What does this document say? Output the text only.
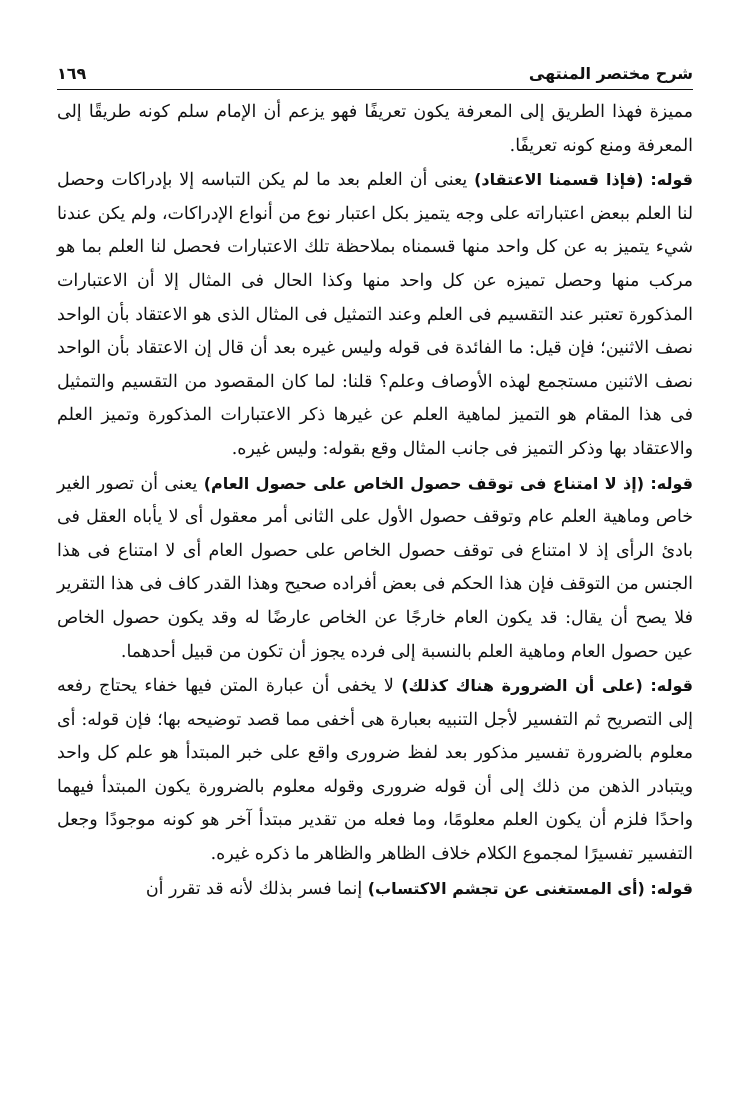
شرح مختصر المنتهى
١٦٩

مميزة فهذا الطريق إلى المعرفة يكون تعريفًا فهو يزعم أن الإمام سلم كونه طريقًا إلى المعرفة ومنع كونه تعريفًا.

قوله: (فإذا قسمنا الاعتقاد) يعنى أن العلم بعد ما لم يكن التباسه إلا بإدراكات وحصل لنا العلم ببعض اعتباراته على وجه يتميز بكل اعتبار نوع من أنواع الإدراكات، ولم يكن عندنا شيء يتميز به عن كل واحد منها قسمناه بملاحظة تلك الاعتبارات فحصل لنا العلم بما هو مركب منها وحصل تميزه عن كل واحد منها وكذا الحال فى المثال إلا أن الاعتبارات المذكورة تعتبر عند التقسيم فى العلم وعند التمثيل فى المثال الذى هو الاعتقاد بأن الواحد نصف الاثنين؛ فإن قيل: ما الفائدة فى قوله وليس غيره بعد أن قال إن الاعتقاد بأن الواحد نصف الاثنين مستجمع لهذه الأوصاف وعلم؟ قلنا: لما كان المقصود من التقسيم والتمثيل فى هذا المقام هو التميز لماهية العلم عن غيرها ذكر الاعتبارات المذكورة وتميز العلم والاعتقاد بها وذكر التميز فى جانب المثال وقع بقوله: وليس غيره.

قوله: (إذ لا امتناع فى توقف حصول الخاص على حصول العام) يعنى أن تصور الغير خاص وماهية العلم عام وتوقف حصول الأول على الثانى أمر معقول أى لا يأباه العقل فى بادئ الرأى إذ لا امتناع فى توقف حصول الخاص على حصول العام أى لا امتناع فى هذا الجنس من التوقف فإن هذا الحكم فى بعض أفراده صحيح وهذا القدر كاف فى هذا التقرير فلا يصح أن يقال: قد يكون العام خارجًا عن الخاص عارضًا له وقد يكون حصول الخاص عين حصول العام وماهية العلم بالنسبة إلى فرده يجوز أن تكون من قبيل أحدهما.

قوله: (على أن الضرورة هناك كذلك) لا يخفى أن عبارة المتن فيها خفاء يحتاج رفعه إلى التصريح ثم التفسير لأجل التنبيه بعبارة هى أخفى مما قصد توضيحه بها؛ فإن قوله: أى معلوم بالضرورة تفسير مذكور بعد لفظ ضرورى واقع على خبر المبتدأ هو علم كل واحد ويتبادر الذهن من ذلك إلى أن قوله ضرورى وقوله معلوم بالضرورة يكون المبتدأ فيهما واحدًا فلزم أن يكون العلم معلومًا، وما فعله من تقدير مبتدأ آخر هو كونه موجودًا وجعل التفسير تفسيرًا لمجموع الكلام خلاف الظاهر والظاهر ما ذكره غيره.

قوله: (أى المستغنى عن تجشم الاكتساب) إنما فسر بذلك لأنه قد تقرر أن
